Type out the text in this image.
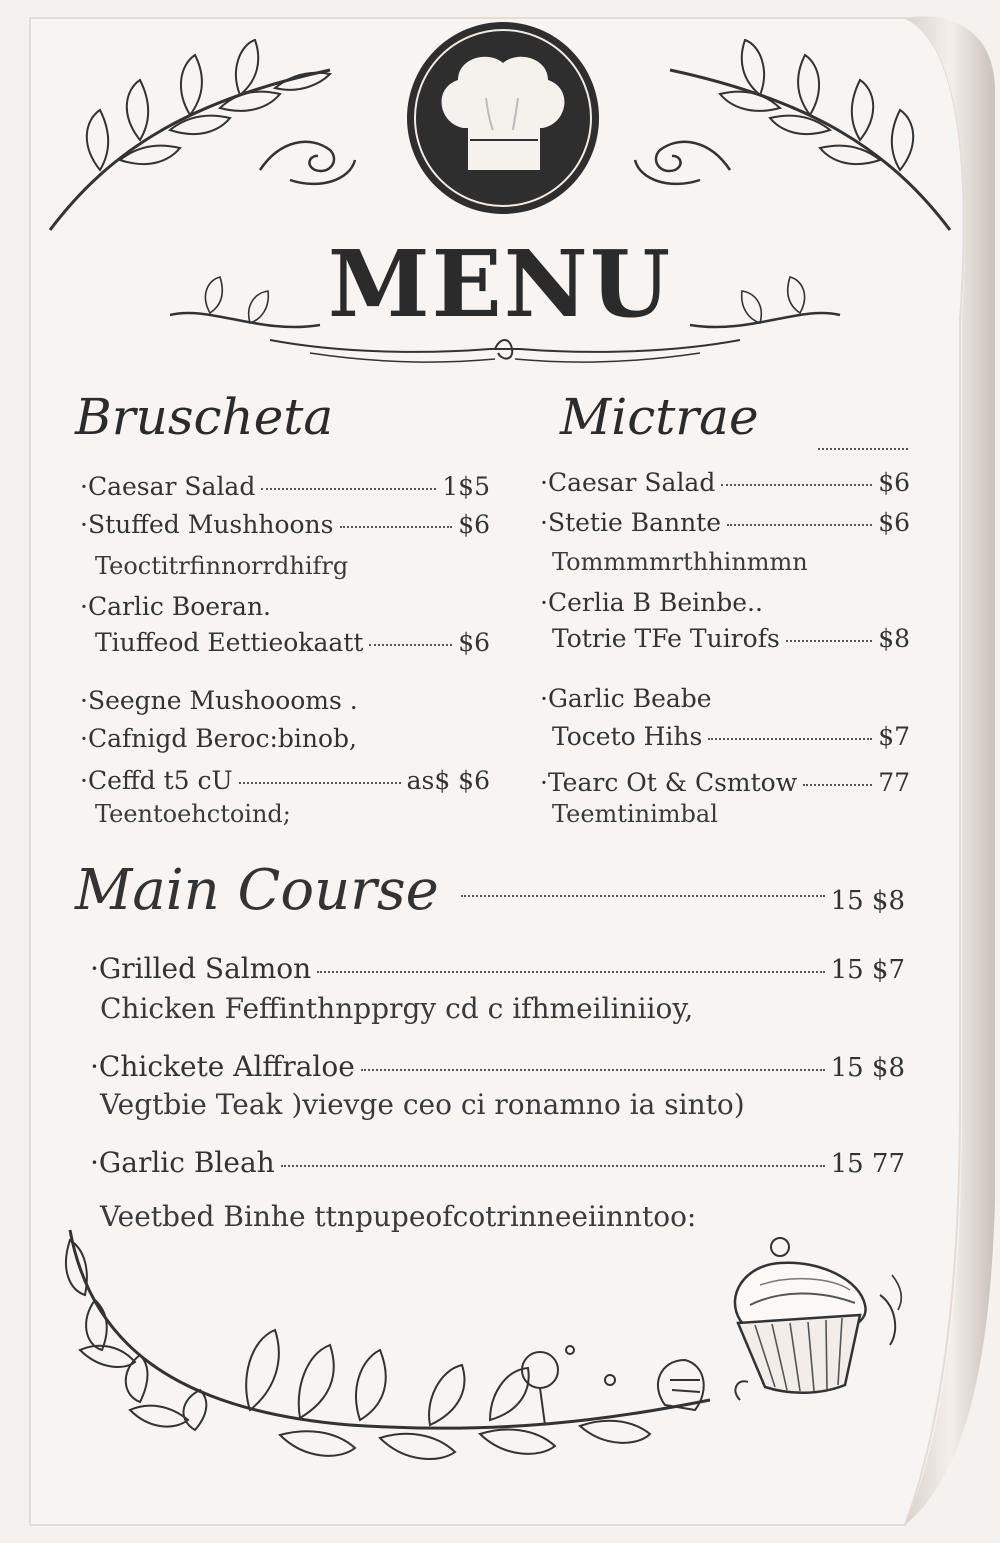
MENU
Bruscheta
·Caesar Salad	1$5
·Stuffed Mushhoons	$6
Teoctitrfinnorrdhifrg
·Carlic Boeran.
Tiuffeod Eettieokaatt	$6
·Seegne Mushoooms .
·Cafnigd Beroc:binob,
·Ceffd t5 cU	as$ $6
Teentoehctoind;
Mictrae
·Caesar Salad	$6
·Stetie Bannte	$6
Tommmmrthhinmmn
·Cerlia B Beinbe..
Totrie TFe Tuirofs	$8
·Garlic Beabe
Toceto Hihs	$7
·Tearc Ot & Csmtow	77
Teemtinimbal
Main Course	15 $8
·Grilled Salmon	15 $7
Chicken Feffinthnpprgy cd c ifhmeiliniioy,
·Chickete Alffraloe	15 $8
Vegtbie Teak )vievge ceo ci ronamno ia sinto)
·Garlic Bleah	15 77
Veetbed Binhe ttnpupeofcotrinneeiinntoo:
